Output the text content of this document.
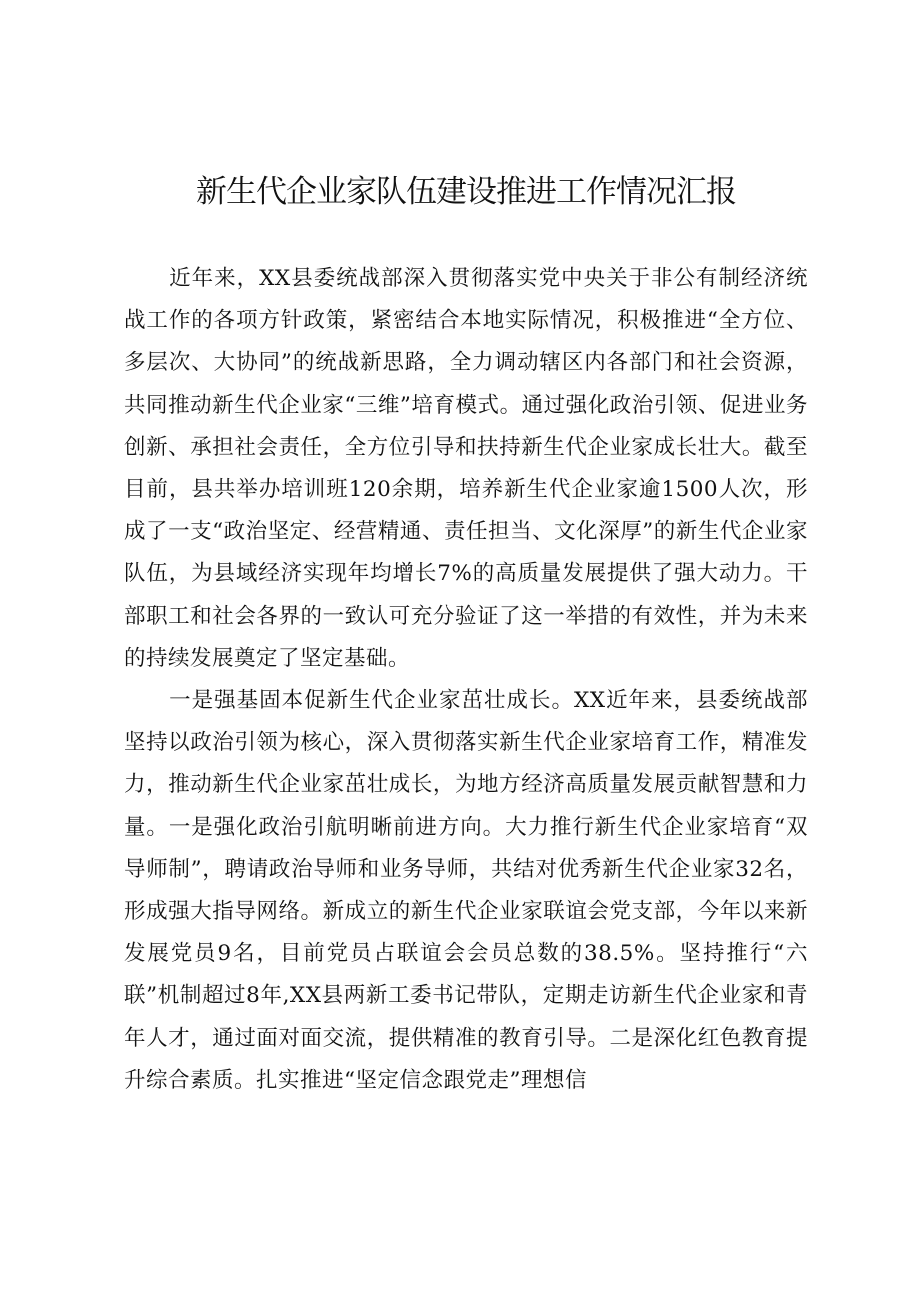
新生代企业家队伍建设推进工作情况汇报

近年来，XX县委统战部深入贯彻落实党中央关于非公有制经济统战工作的各项方针政策，紧密结合本地实际情况，积极推进“全方位、多层次、大协同”的统战新思路，全力调动辖区内各部门和社会资源，共同推动新生代企业家“三维”培育模式。通过强化政治引领、促进业务创新、承担社会责任，全方位引导和扶持新生代企业家成长壮大。截至目前，县共举办培训班120余期，培养新生代企业家逾1500人次，形成了一支“政治坚定、经营精通、责任担当、文化深厚”的新生代企业家队伍，为县域经济实现年均增长7%的高质量发展提供了强大动力。干部职工和社会各界的一致认可充分验证了这一举措的有效性，并为未来的持续发展奠定了坚定基础。

一是强基固本促新生代企业家茁壮成长。XX近年来，县委统战部坚持以政治引领为核心，深入贯彻落实新生代企业家培育工作，精准发力，推动新生代企业家茁壮成长，为地方经济高质量发展贡献智慧和力量。一是强化政治引航明晰前进方向。大力推行新生代企业家培育“双导师制”，聘请政治导师和业务导师，共结对优秀新生代企业家32名，形成强大指导网络。新成立的新生代企业家联谊会党支部，今年以来新发展党员9名，目前党员占联谊会会员总数的38.5%。坚持推行“六联”机制超过8年,XX县两新工委书记带队，定期走访新生代企业家和青年人才，通过面对面交流，提供精准的教育引导。二是深化红色教育提升综合素质。扎实推进“坚定信念跟党走”理想信
